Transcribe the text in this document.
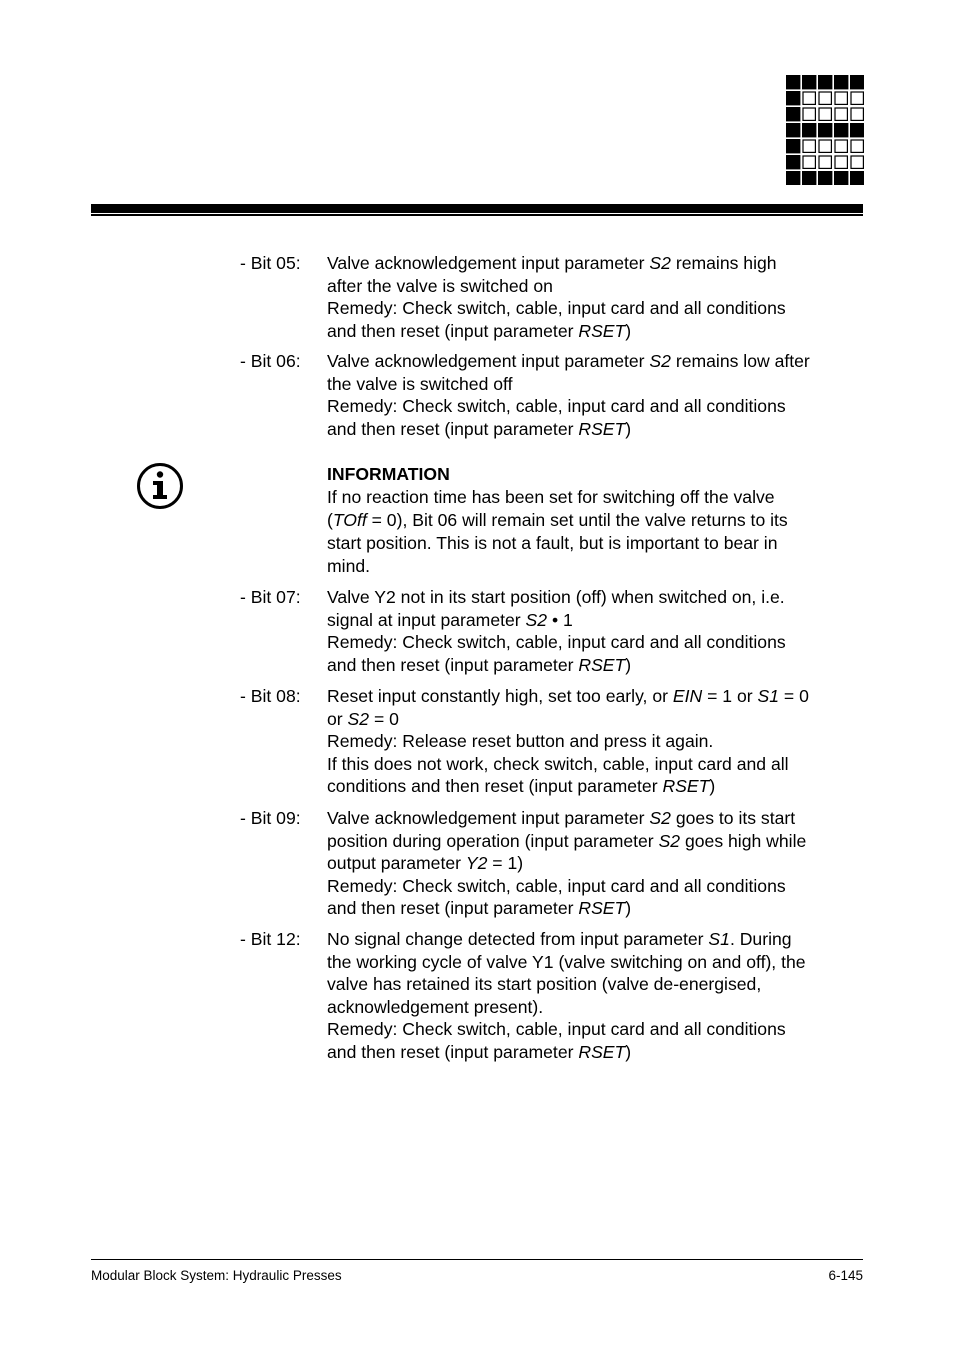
- Bit 05: Valve acknowledgement input parameter S2 remains high
after the valve is switched on
Remedy: Check switch, cable, input card and all conditions
and then reset (input parameter RSET)
- Bit 06: Valve acknowledgement input parameter S2 remains low after
the valve is switched off
Remedy: Check switch, cable, input card and all conditions
and then reset (input parameter RSET)
INFORMATION
If no reaction time has been set for switching off the valve
(TOff = 0), Bit 06 will remain set until the valve returns to its
start position. This is not a fault, but is important to bear in
mind.
- Bit 07: Valve Y2 not in its start position (off) when switched on, i.e.
signal at input parameter S2 • 1
Remedy: Check switch, cable, input card and all conditions
and then reset (input parameter RSET)
- Bit 08: Reset input constantly high, set too early, or EIN = 1 or S1 = 0
or S2 = 0
Remedy: Release reset button and press it again.
If this does not work, check switch, cable, input card and all
conditions and then reset (input parameter RSET)
- Bit 09: Valve acknowledgement input parameter S2 goes to its start
position during operation (input parameter S2 goes high while
output parameter Y2 = 1)
Remedy: Check switch, cable, input card and all conditions
and then reset (input parameter RSET)
- Bit 12: No signal change detected from input parameter S1. During
the working cycle of valve Y1 (valve switching on and off), the
valve has retained its start position (valve de-energised,
acknowledgement present).
Remedy: Check switch, cable, input card and all conditions
and then reset (input parameter RSET)
Modular Block System: Hydraulic Presses	6-145
